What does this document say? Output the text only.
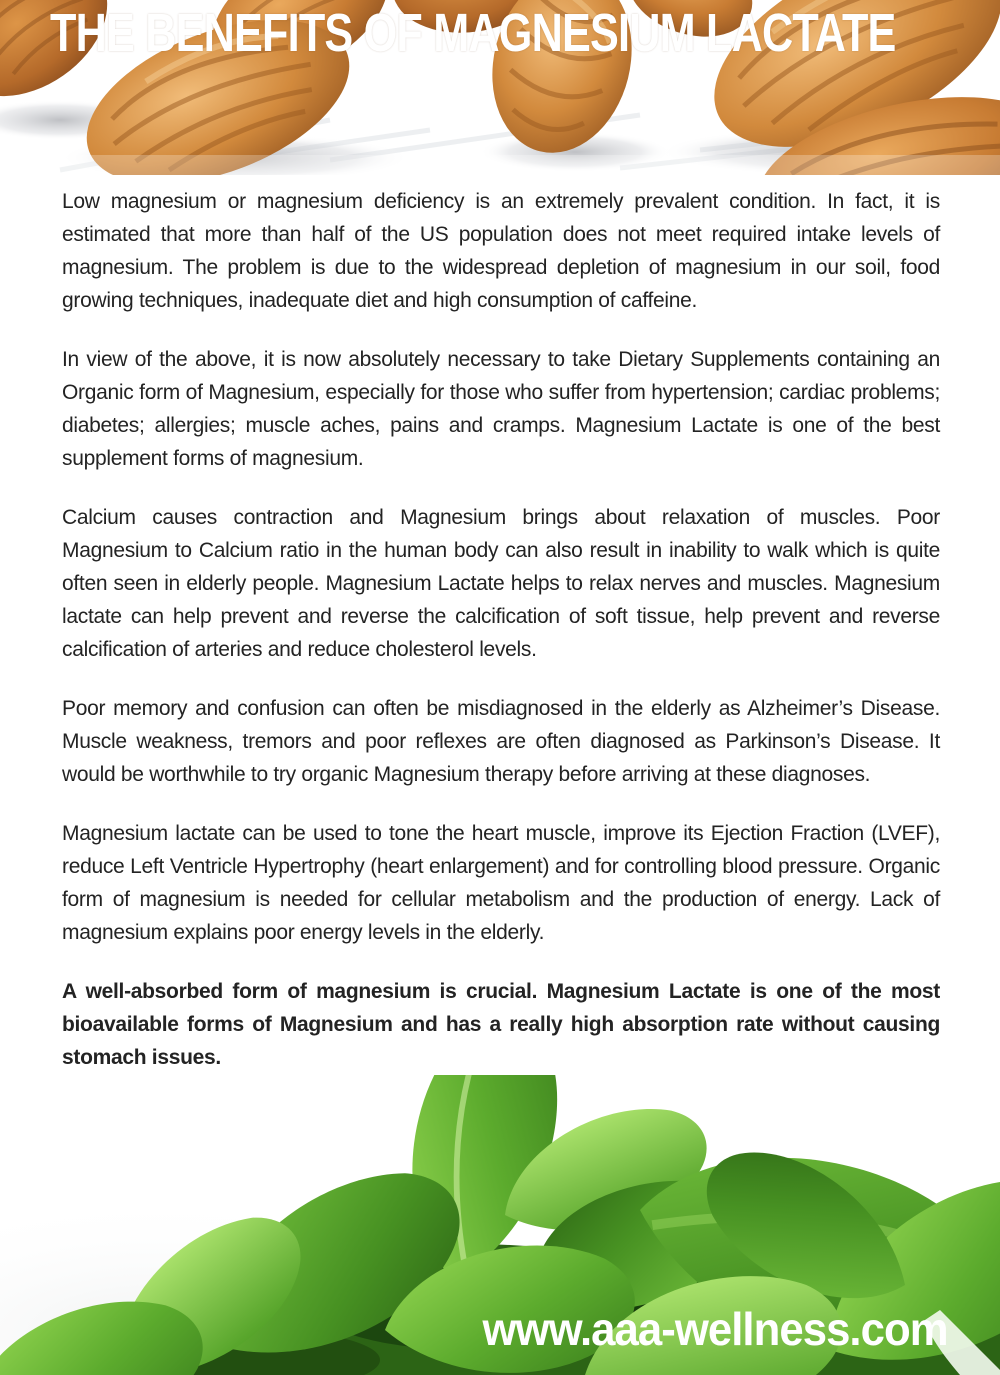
THE BENEFITS OF MAGNESIUM LACTATE

Low magnesium or magnesium deficiency is an extremely prevalent condition. In fact, it is estimated that more than half of the US population does not meet required intake levels of magnesium. The problem is due to the widespread depletion of magnesium in our soil, food growing techniques, inadequate diet and high consumption of caffeine.

In view of the above, it is now absolutely necessary to take Dietary Supplements containing an Organic form of Magnesium, especially for those who suffer from hypertension; cardiac problems; diabetes; allergies; muscle aches, pains and cramps. Magnesium Lactate is one of the best supplement forms of magnesium.

Calcium causes contraction and Magnesium brings about relaxation of muscles. Poor Magnesium to Calcium ratio in the human body can also result in inability to walk which is quite often seen in elderly people. Magnesium Lactate helps to relax nerves and muscles. Magnesium lactate can help prevent and reverse the calcification of soft tissue, help prevent and reverse calcification of arteries and reduce cholesterol levels.

Poor memory and confusion can often be misdiagnosed in the elderly as Alzheimer’s Disease. Muscle weakness, tremors and poor reflexes are often diagnosed as Parkinson’s Disease. It would be worthwhile to try organic Magnesium therapy before arriving at these diagnoses.

Magnesium lactate can be used to tone the heart muscle, improve its Ejection Fraction (LVEF), reduce Left Ventricle Hypertrophy (heart enlargement) and for controlling blood pressure. Organic form of magnesium is needed for cellular metabolism and the production of energy. Lack of magnesium explains poor energy levels in the elderly.

A well-absorbed form of magnesium is crucial. Magnesium Lactate is one of the most bioavailable forms of Magnesium and has a really high absorption rate without causing stomach issues.

www.aaa-wellness.com
